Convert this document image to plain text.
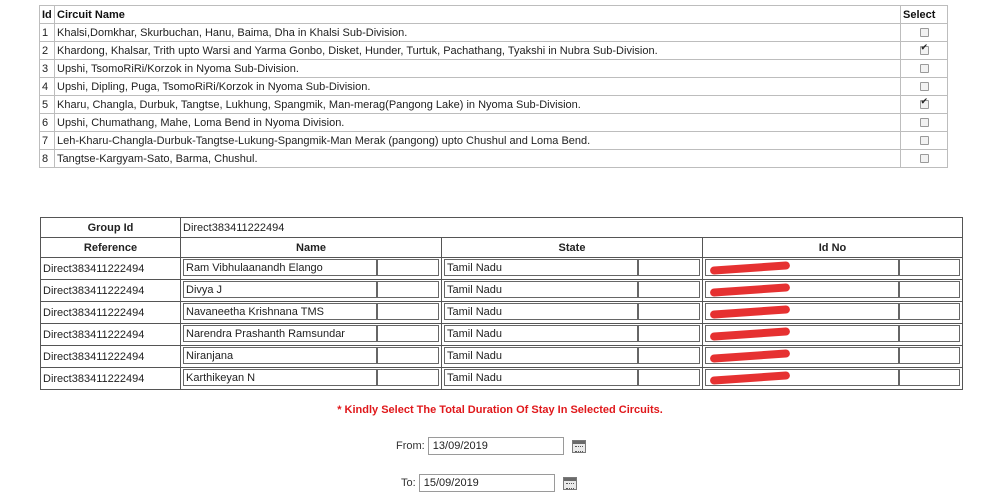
Id	Circuit Name	Select
1	Khalsi,Domkhar, Skurbuchan, Hanu, Baima, Dha in Khalsi Sub-Division.	
2	Khardong, Khalsar, Trith upto Warsi and Yarma Gonbo, Disket, Hunder, Turtuk, Pachathang, Tyakshi in Nubra Sub-Division.	✔
3	Upshi, TsomoRiRi/Korzok in Nyoma Sub-Division.	
4	Upshi, Dipling, Puga, TsomoRiRi/Korzok in Nyoma Sub-Division.	
5	Kharu, Changla, Durbuk, Tangtse, Lukhung, Spangmik, Man-merag(Pangong Lake) in Nyoma Sub-Division.	✔
6	Upshi, Chumathang, Mahe, Loma Bend in Nyoma Division.	
7	Leh-Kharu-Changla-Durbuk-Tangtse-Lukung-Spangmik-Man Merak (pangong) upto Chushul and Loma Bend.	
8	Tangtse-Kargyam-Sato, Barma, Chushul.	
Group Id	Direct383411222494		
Reference	Name	State	Id No
Direct383411222494	Ram Vibhulaanandh Elango	Tamil Nadu	

Direct383411222494	Divya J	Tamil Nadu	

Direct383411222494	Navaneetha Krishnana TMS	Tamil Nadu	

Direct383411222494	Narendra Prashanth Ramsundar	Tamil Nadu	

Direct383411222494	Niranjana	Tamil Nadu	

Direct383411222494	Karthikeyan N	Tamil Nadu	

* Kindly Select The Total Duration Of Stay In Selected Circuits.
From: 13/09/2019
To: 15/09/2019
